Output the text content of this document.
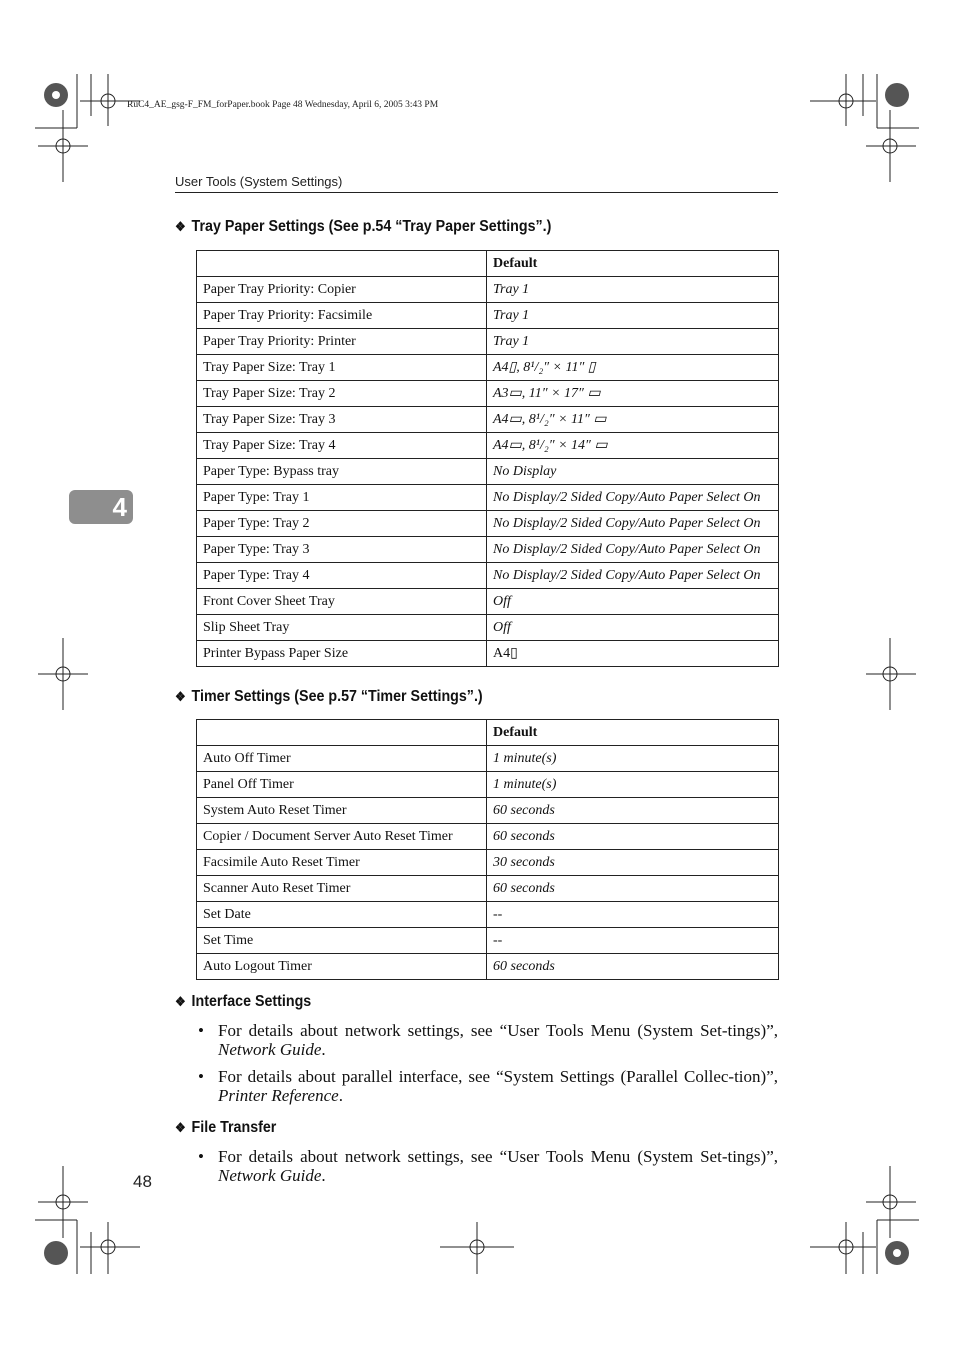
RuC4_AE_gsg-F_FM_forPaper.book Page 48 Wednesday, April 6, 2005 3:43 PM
User Tools (System Settings)
4
❖ Tray Paper Settings (See p.54 “Tray Paper Settings”.)
	Default
Paper Tray Priority: Copier	Tray 1
Paper Tray Priority: Facsimile	Tray 1
Paper Tray Priority: Printer	Tray 1
Tray Paper Size: Tray 1	A4▯, 8¹/₂″ × 11″ ▯
Tray Paper Size: Tray 2	A3▭, 11″ × 17″ ▭
Tray Paper Size: Tray 3	A4▭, 8¹/₂″ × 11″ ▭
Tray Paper Size: Tray 4	A4▭, 8¹/₂″ × 14″ ▭
Paper Type: Bypass tray	No Display
Paper Type: Tray 1	No Display/2 Sided Copy/Auto Paper Select On
Paper Type: Tray 2	No Display/2 Sided Copy/Auto Paper Select On
Paper Type: Tray 3	No Display/2 Sided Copy/Auto Paper Select On
Paper Type: Tray 4	No Display/2 Sided Copy/Auto Paper Select On
Front Cover Sheet Tray	Off
Slip Sheet Tray	Off
Printer Bypass Paper Size	A4▯
❖ Timer Settings (See p.57 “Timer Settings”.)
	Default
Auto Off Timer	1 minute(s)
Panel Off Timer	1 minute(s)
System Auto Reset Timer	60 seconds
Copier / Document Server Auto Reset Timer	60 seconds
Facsimile Auto Reset Timer	30 seconds
Scanner Auto Reset Timer	60 seconds
Set Date	--
Set Time	--
Auto Logout Timer	60 seconds
❖ Interface Settings
• For details about network settings, see “User Tools Menu (System Set-tings)”, Network Guide.
• For details about parallel interface, see “System Settings (Parallel Collec-tion)”, Printer Reference.
❖ File Transfer
• For details about network settings, see “User Tools Menu (System Set-tings)”, Network Guide.
48
